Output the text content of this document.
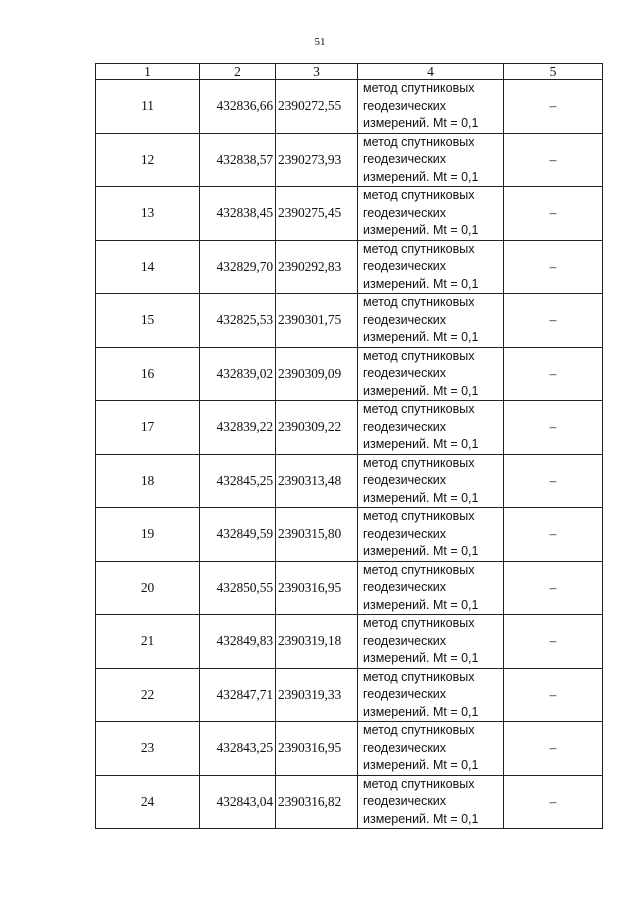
51
1	2	3	4	5
11	432836,66	2390272,55	метод спутниковых
геодезических
измерений. Mt = 0,1	–
12	432838,57	2390273,93	метод спутниковых
геодезических
измерений. Mt = 0,1	–
13	432838,45	2390275,45	метод спутниковых
геодезических
измерений. Mt = 0,1	–
14	432829,70	2390292,83	метод спутниковых
геодезических
измерений. Mt = 0,1	–
15	432825,53	2390301,75	метод спутниковых
геодезических
измерений. Mt = 0,1	–
16	432839,02	2390309,09	метод спутниковых
геодезических
измерений. Mt = 0,1	–
17	432839,22	2390309,22	метод спутниковых
геодезических
измерений. Mt = 0,1	–
18	432845,25	2390313,48	метод спутниковых
геодезических
измерений. Mt = 0,1	–
19	432849,59	2390315,80	метод спутниковых
геодезических
измерений. Mt = 0,1	–
20	432850,55	2390316,95	метод спутниковых
геодезических
измерений. Mt = 0,1	–
21	432849,83	2390319,18	метод спутниковых
геодезических
измерений. Mt = 0,1	–
22	432847,71	2390319,33	метод спутниковых
геодезических
измерений. Mt = 0,1	–
23	432843,25	2390316,95	метод спутниковых
геодезических
измерений. Mt = 0,1	–
24	432843,04	2390316,82	метод спутниковых
геодезических
измерений. Mt = 0,1	–
